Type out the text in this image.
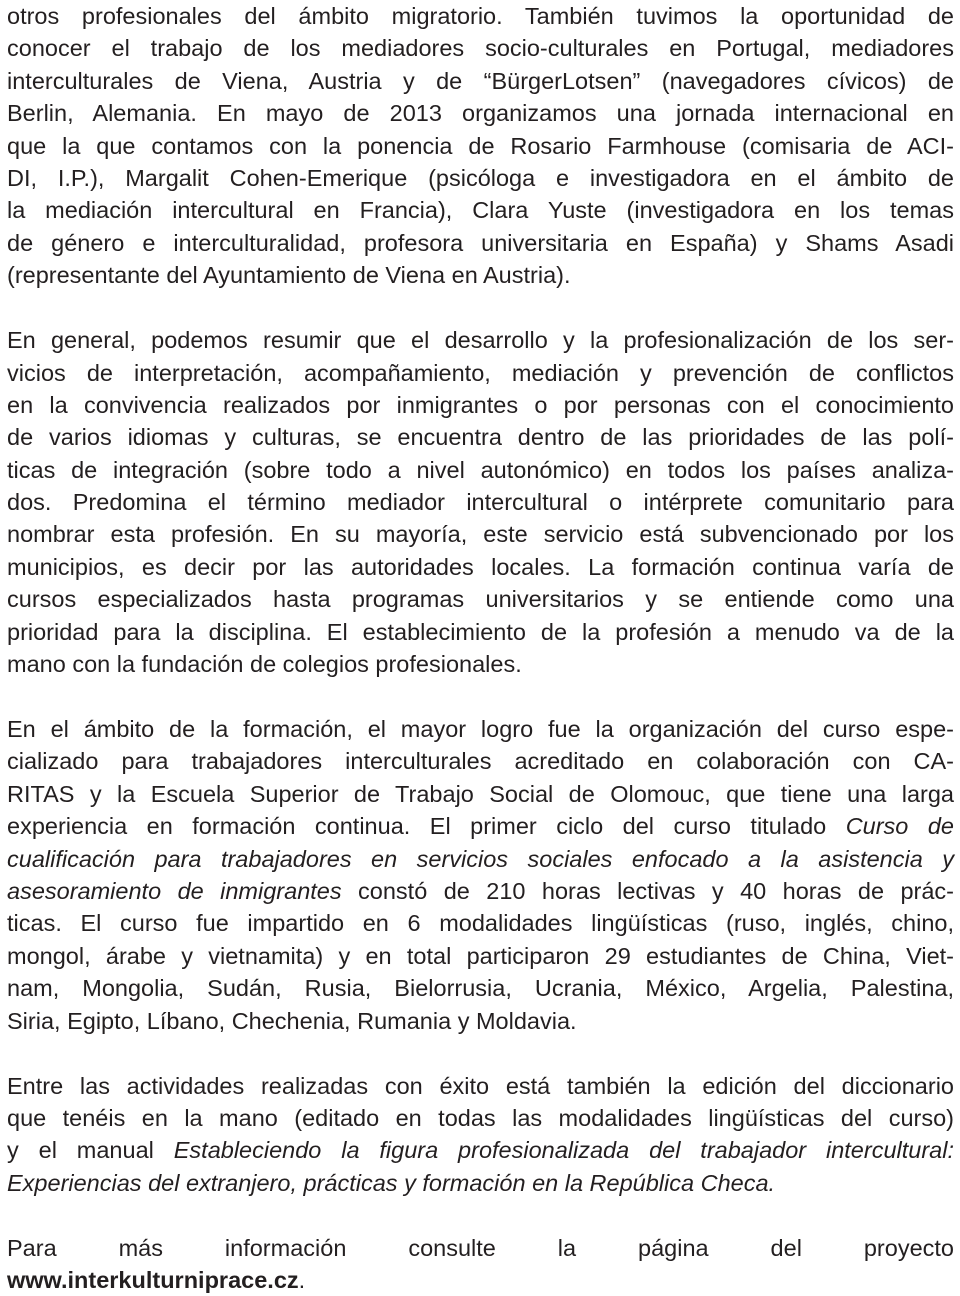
otros profesionales del ámbito migratorio. También tuvimos la oportunidad de
conocer el trabajo de los mediadores socio-culturales en Portugal, mediadores
interculturales de Viena, Austria y de “BürgerLotsen” (navegadores cívicos) de
Berlin, Alemania. En mayo de 2013 organizamos una jornada internacional en
que la que contamos con la ponencia de Rosario Farmhouse (comisaria de ACI-
DI, I.P.), Margalit Cohen-Emerique (psicóloga e investigadora en el ámbito de
la mediación intercultural en Francia), Clara Yuste (investigadora en los temas
de género e interculturalidad, profesora universitaria en España) y Shams Asadi
(representante del Ayuntamiento de Viena en Austria).
En general, podemos resumir que el desarrollo y la profesionalización de los ser-
vicios de interpretación, acompañamiento, mediación y prevención de conflictos
en la convivencia realizados por inmigrantes o por personas con el conocimiento
de varios idiomas y culturas, se encuentra dentro de las prioridades de las polí-
ticas de integración (sobre todo a nivel autonómico) en todos los países analiza-
dos. Predomina el término mediador intercultural o intérprete comunitario para
nombrar esta profesión. En su mayoría, este servicio está subvencionado por los
municipios, es decir por las autoridades locales. La formación continua varía de
cursos especializados hasta programas universitarios y se entiende como una
prioridad para la disciplina. El establecimiento de la profesión a menudo va de la
mano con la fundación de colegios profesionales.
En el ámbito de la formación, el mayor logro fue la organización del curso espe-
cializado para trabajadores interculturales acreditado en colaboración con CA-
RITAS y la Escuela Superior de Trabajo Social de Olomouc, que tiene una larga
experiencia en formación continua. El primer ciclo del curso titulado Curso de
cualificación para trabajadores en servicios sociales enfocado a la asistencia y
asesoramiento de inmigrantes constó de 210 horas lectivas y 40 horas de prác-
ticas. El curso fue impartido en 6 modalidades lingüísticas (ruso, inglés, chino,
mongol, árabe y vietnamita) y en total participaron 29 estudiantes de China, Viet-
nam, Mongolia, Sudán, Rusia, Bielorrusia, Ucrania, México, Argelia, Palestina,
Siria, Egipto, Líbano, Chechenia, Rumania y Moldavia.
Entre las actividades realizadas con éxito está también la edición del diccionario
que tenéis en la mano (editado en todas las modalidades lingüísticas del curso)
y el manual Estableciendo la figura profesionalizada del trabajador intercultural:
Experiencias del extranjero, prácticas y formación en la República Checa.
Para más información consulte la página del proyecto
www.interkulturniprace.cz.
